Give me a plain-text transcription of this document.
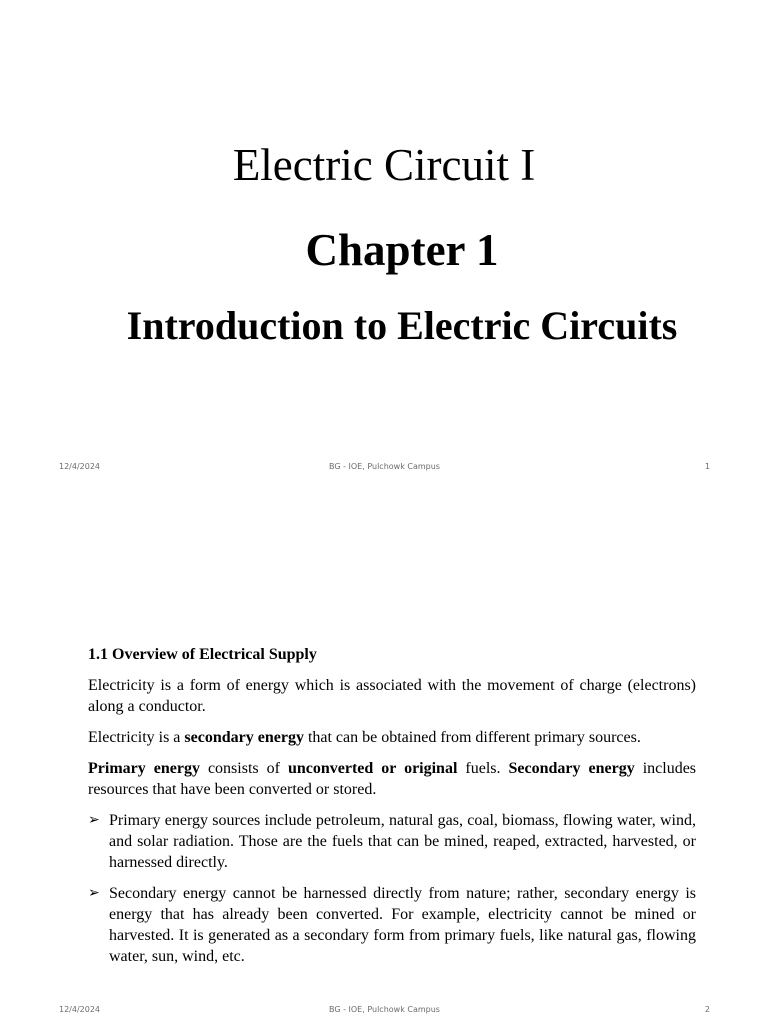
Electric Circuit I
Chapter 1
Introduction to Electric Circuits
12/4/2024	BG - IOE, Pulchowk Campus	1
1.1 Overview of Electrical Supply
Electricity is a form of energy which is associated with the movement of charge (electrons) along a conductor.
Electricity is a secondary energy that can be obtained from different primary sources.
Primary energy consists of unconverted or original fuels. Secondary energy includes resources that have been converted or stored.
➢ Primary energy sources include petroleum, natural gas, coal, biomass, flowing water, wind, and solar radiation. Those are the fuels that can be mined, reaped, extracted, harvested, or harnessed directly.
➢ Secondary energy cannot be harnessed directly from nature; rather, secondary energy is energy that has already been converted. For example, electricity cannot be mined or harvested. It is generated as a secondary form from primary fuels, like natural gas, flowing water, sun, wind, etc.
12/4/2024	BG - IOE, Pulchowk Campus	2
